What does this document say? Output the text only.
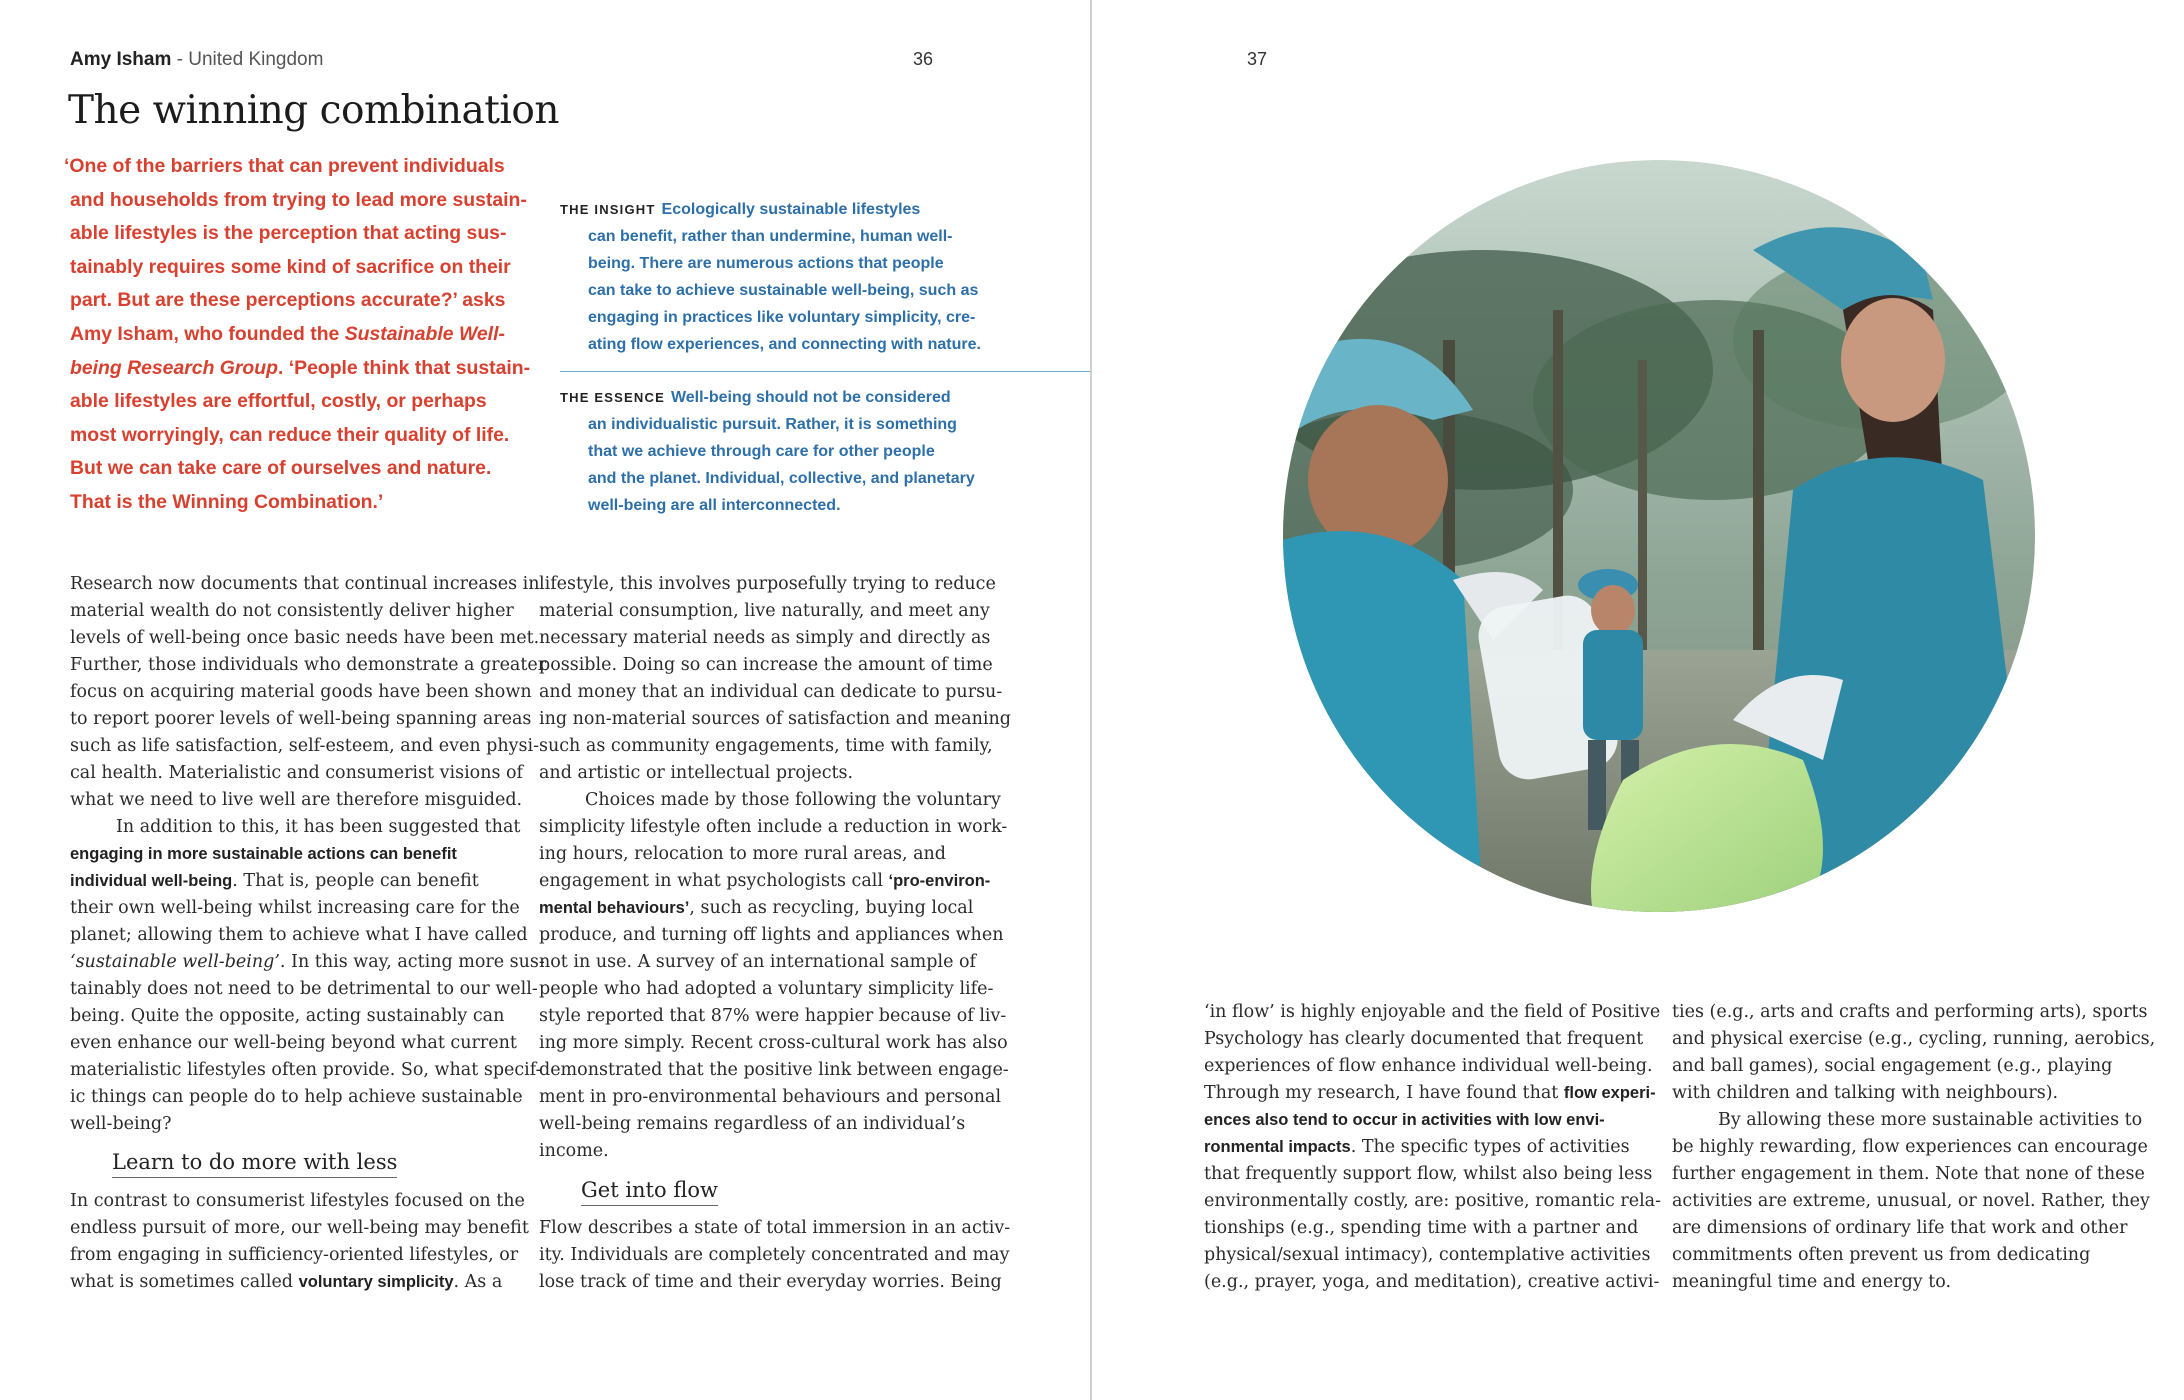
Amy Isham - United Kingdom	36
The winning combination
‘One of the barriers that can prevent individuals
and households from trying to lead more sustain-
able lifestyles is the perception that acting sus-
tainably requires some kind of sacrifice on their
part. But are these perceptions accurate?’ asks
Amy Isham, who founded the Sustainable Well-
being Research Group. ‘People think that sustain-
able lifestyles are effortful, costly, or perhaps
most worryingly, can reduce their quality of life.
But we can take care of ourselves and nature.
That is the Winning Combination.’
THE INSIGHT Ecologically sustainable lifestyles
can benefit, rather than undermine, human well-
being. There are numerous actions that people
can take to achieve sustainable well-being, such as
engaging in practices like voluntary simplicity, cre-
ating flow experiences, and connecting with nature.
THE ESSENCE Well-being should not be considered
an individualistic pursuit. Rather, it is something
that we achieve through care for other people
and the planet. Individual, collective, and planetary
well-being are all interconnected.
Research now documents that continual increases in
material wealth do not consistently deliver higher
levels of well-being once basic needs have been met.
Further, those individuals who demonstrate a greater
focus on acquiring material goods have been shown
to report poorer levels of well-being spanning areas
such as life satisfaction, self-esteem, and even physi-
cal health. Materialistic and consumerist visions of
what we need to live well are therefore misguided.
In addition to this, it has been suggested that
engaging in more sustainable actions can benefit
individual well-being. That is, people can benefit
their own well-being whilst increasing care for the
planet; allowing them to achieve what I have called
‘sustainable well-being’. In this way, acting more sus-
tainably does not need to be detrimental to our well-
being. Quite the opposite, acting sustainably can
even enhance our well-being beyond what current
materialistic lifestyles often provide. So, what specif-
ic things can people do to help achieve sustainable
well-being?
Learn to do more with less
In contrast to consumerist lifestyles focused on the
endless pursuit of more, our well-being may benefit
from engaging in sufficiency-oriented lifestyles, or
what is sometimes called voluntary simplicity. As a
lifestyle, this involves purposefully trying to reduce
material consumption, live naturally, and meet any
necessary material needs as simply and directly as
possible. Doing so can increase the amount of time
and money that an individual can dedicate to pursu-
ing non-material sources of satisfaction and meaning
such as community engagements, time with family,
and artistic or intellectual projects.
Choices made by those following the voluntary
simplicity lifestyle often include a reduction in work-
ing hours, relocation to more rural areas, and
engagement in what psychologists call ‘pro-environ-
mental behaviours’, such as recycling, buying local
produce, and turning off lights and appliances when
not in use. A survey of an international sample of
people who had adopted a voluntary simplicity life-
style reported that 87% were happier because of liv-
ing more simply. Recent cross-cultural work has also
demonstrated that the positive link between engage-
ment in pro-environmental behaviours and personal
well-being remains regardless of an individual’s
income.
Get into flow
Flow describes a state of total immersion in an activ-
ity. Individuals are completely concentrated and may
lose track of time and their everyday worries. Being
37
‘in flow’ is highly enjoyable and the field of Positive
Psychology has clearly documented that frequent
experiences of flow enhance individual well-being.
Through my research, I have found that flow experi-
ences also tend to occur in activities with low envi-
ronmental impacts. The specific types of activities
that frequently support flow, whilst also being less
environmentally costly, are: positive, romantic rela-
tionships (e.g., spending time with a partner and
physical/sexual intimacy), contemplative activities
(e.g., prayer, yoga, and meditation), creative activi-
ties (e.g., arts and crafts and performing arts), sports
and physical exercise (e.g., cycling, running, aerobics,
and ball games), social engagement (e.g., playing
with children and talking with neighbours).
By allowing these more sustainable activities to
be highly rewarding, flow experiences can encourage
further engagement in them. Note that none of these
activities are extreme, unusual, or novel. Rather, they
are dimensions of ordinary life that work and other
commitments often prevent us from dedicating
meaningful time and energy to.
